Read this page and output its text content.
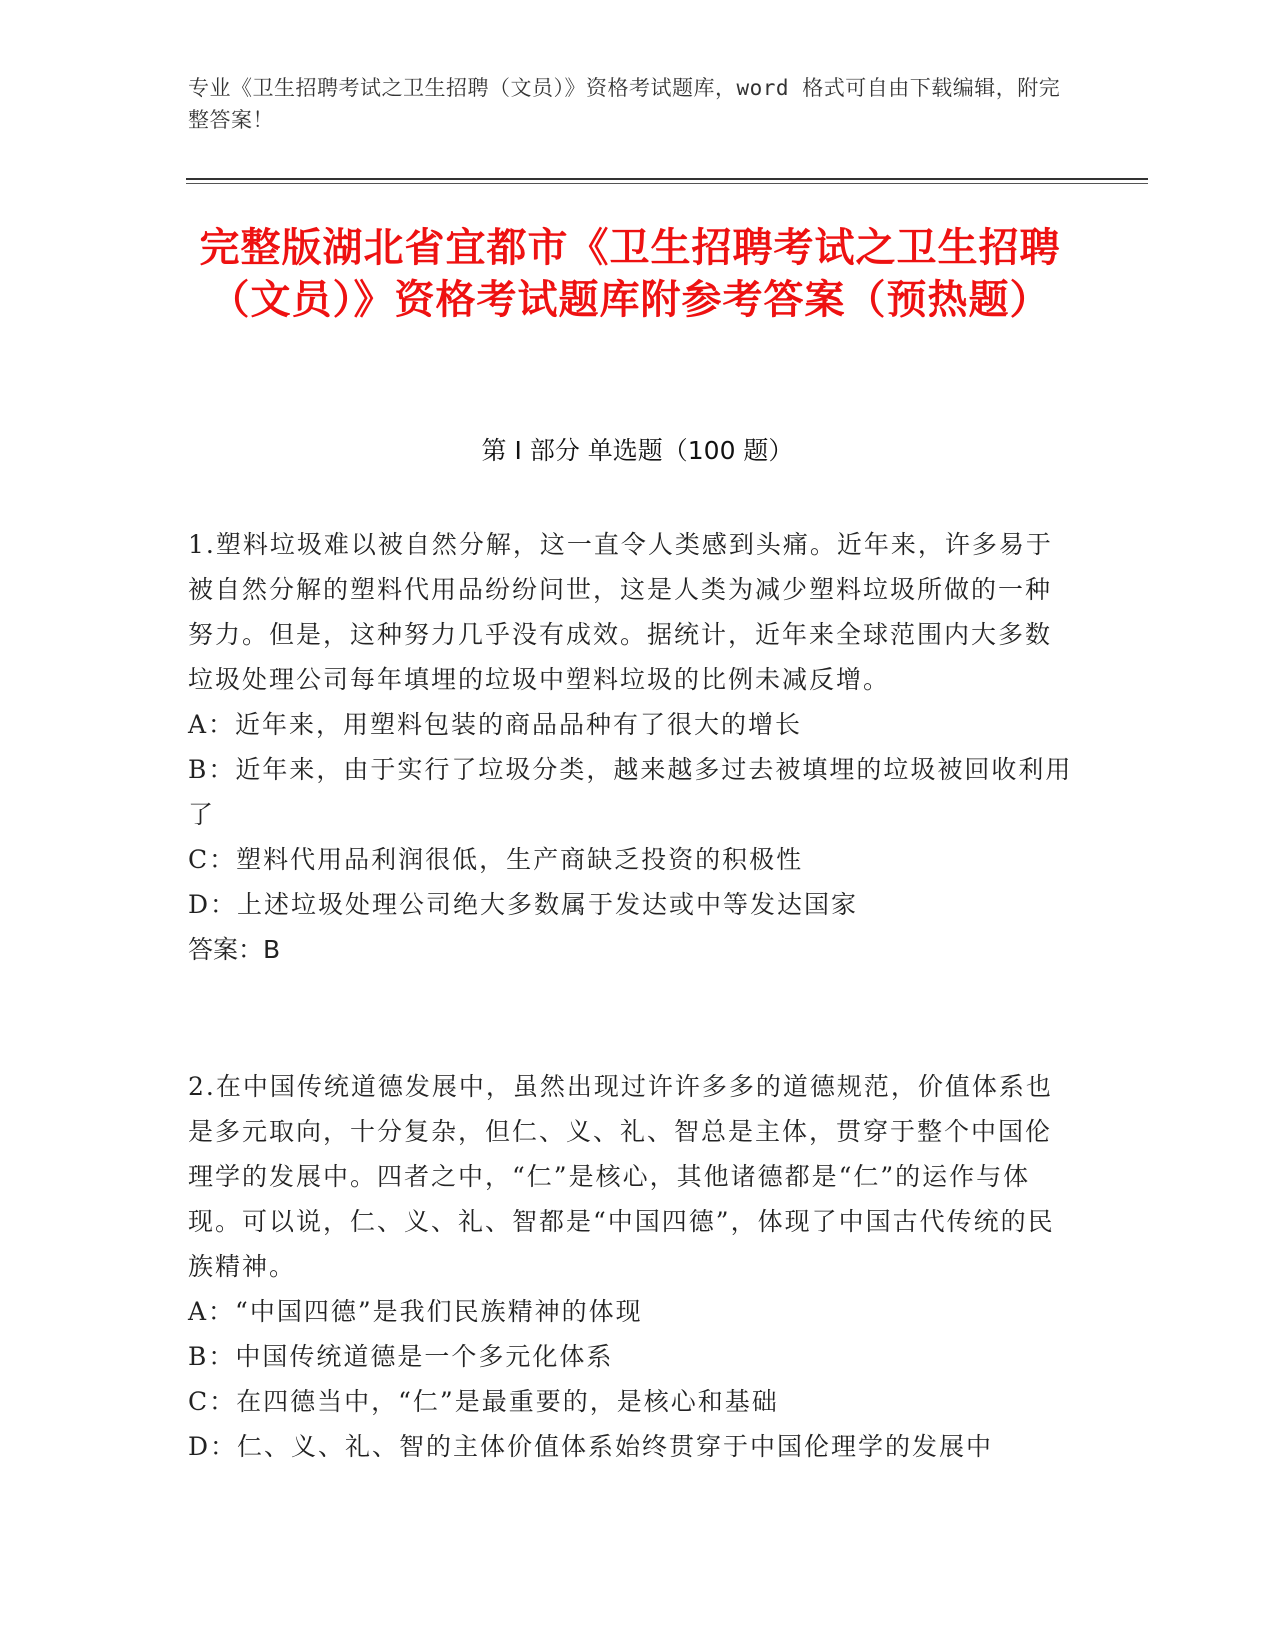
专业《卫生招聘考试之卫生招聘（文员）》资格考试题库，word 格式可自由下载编辑，附完整答案！
完整版湖北省宜都市《卫生招聘考试之卫生招聘（文员）》资格考试题库附参考答案（预热题）
第 I 部分 单选题（100 题）

1.塑料垃圾难以被自然分解，这一直令人类感到头痛。近年来，许多易于被自然分解的塑料代用品纷纷问世，这是人类为减少塑料垃圾所做的一种努力。但是，这种努力几乎没有成效。据统计，近年来全球范围内大多数垃圾处理公司每年填埋的垃圾中塑料垃圾的比例未减反增。

A：近年来，用塑料包装的商品品种有了很大的增长

B：近年来，由于实行了垃圾分类，越来越多过去被填埋的垃圾被回收利用了

C：塑料代用品利润很低，生产商缺乏投资的积极性

D：上述垃圾处理公司绝大多数属于发达或中等发达国家

答案：B

2.在中国传统道德发展中，虽然出现过许许多多的道德规范，价值体系也是多元取向，十分复杂，但仁、义、礼、智总是主体，贯穿于整个中国伦理学的发展中。四者之中，“仁”是核心，其他诸德都是“仁”的运作与体现。可以说，仁、义、礼、智都是“中国四德”，体现了中国古代传统的民族精神。

A：“中国四德”是我们民族精神的体现

B：中国传统道德是一个多元化体系

C：在四德当中，“仁”是最重要的，是核心和基础

D：仁、义、礼、智的主体价值体系始终贯穿于中国伦理学的发展中
